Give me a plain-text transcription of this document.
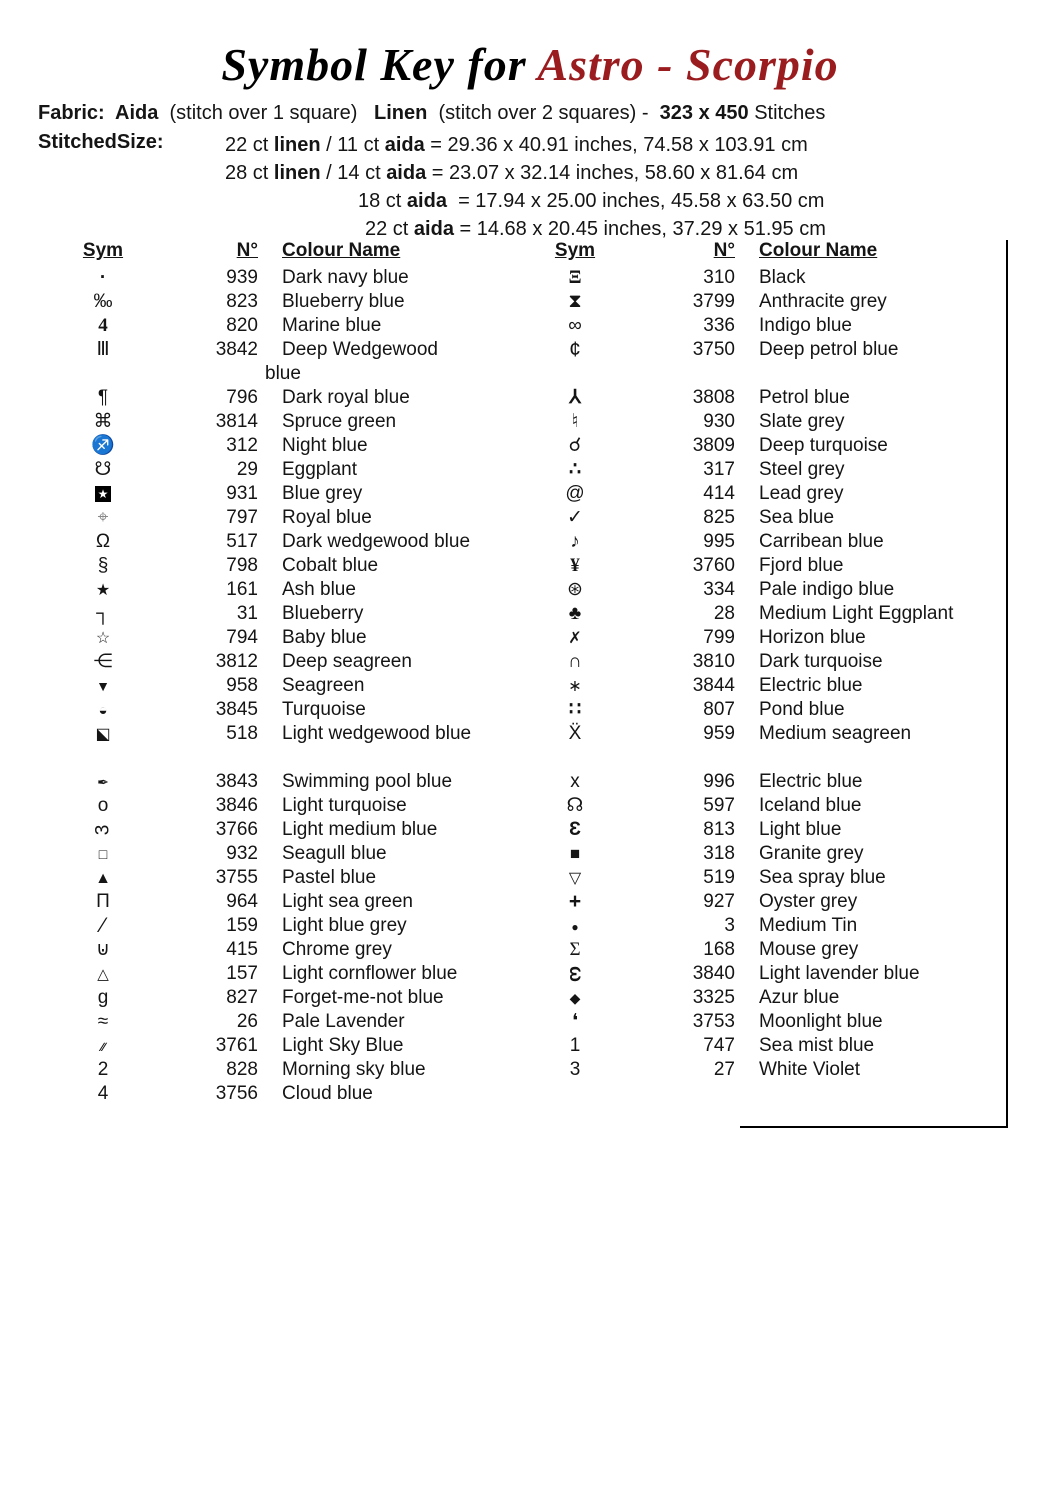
Symbol Key for Astro - Scorpio
Fabric:  Aida  (stitch over 1 square)   Linen  (stitch over 2 squares) -  323 x 450 Stitches
StitchedSize:	22 ct linen / 11 ct aida = 29.36 x 40.91 inches, 74.58 x 103.91 cm
28 ct linen / 14 ct aida = 23.07 x 32.14 inches, 58.60 x 81.64 cm
18 ct aida  = 17.94 x 25.00 inches, 45.58 x 63.50 cm
22 ct aida = 14.68 x 20.45 inches, 37.29 x 51.95 cm
Sym	N°	Colour Name
·	939	Dark navy blue
‰	823	Blueberry blue
4	820	Marine blue
Ⅲ	3842	Deep Wedgewood
blue
¶	796	Dark royal blue
⌘	3814	Spruce green
♐	312	Night blue
☋	29	Eggplant
★	931	Blue grey
⌖	797	Royal blue
Ω	517	Dark wedgewood blue
§	798	Cobalt blue
★	161	Ash blue
┐	31	Blueberry
☆	794	Baby blue
⋲	3812	Deep seagreen
▼	958	Seagreen
◒	3845	Turquoise
⬕	518	Light wedgewood blue
✒	3843	Swimming pool blue
o	3846	Light turquoise
3	3766	Light medium blue
□	932	Seagull blue
▲	3755	Pastel blue
Π	964	Light sea green
∕	159	Light blue grey
⊍	415	Chrome grey
△	157	Light cornflower blue
g	827	Forget-me-not blue
≈	26	Pale Lavender
∕∕	3761	Light Sky Blue
2	828	Morning sky blue
4	3756	Cloud blue
Sym	N°	Colour Name
Ξ	310	Black
⧗	3799	Anthracite grey
∞	336	Indigo blue
¢	3750	Deep petrol blue
⅄	3808	Petrol blue
♮	930	Slate grey
☌	3809	Deep turquoise
∴	317	Steel grey
@	414	Lead grey
✓	825	Sea blue
♪	995	Carribean blue
¥	3760	Fjord blue
⊛	334	Pale indigo blue
♣	28	Medium Light Eggplant
✗	799	Horizon blue
∩	3810	Dark turquoise
∗	3844	Electric blue
∷	807	Pond blue
Ẍ	959	Medium seagreen
x	996	Electric blue
☊	597	Iceland blue
Ɛ	813	Light blue
■	318	Granite grey
▽	519	Sea spray blue
+	927	Oyster grey
●	3	Medium Tin
Σ	168	Mouse grey
ω	3840	Light lavender blue
◆	3325	Azur blue
❛	3753	Moonlight blue
1	747	Sea mist blue
3	27	White Violet
